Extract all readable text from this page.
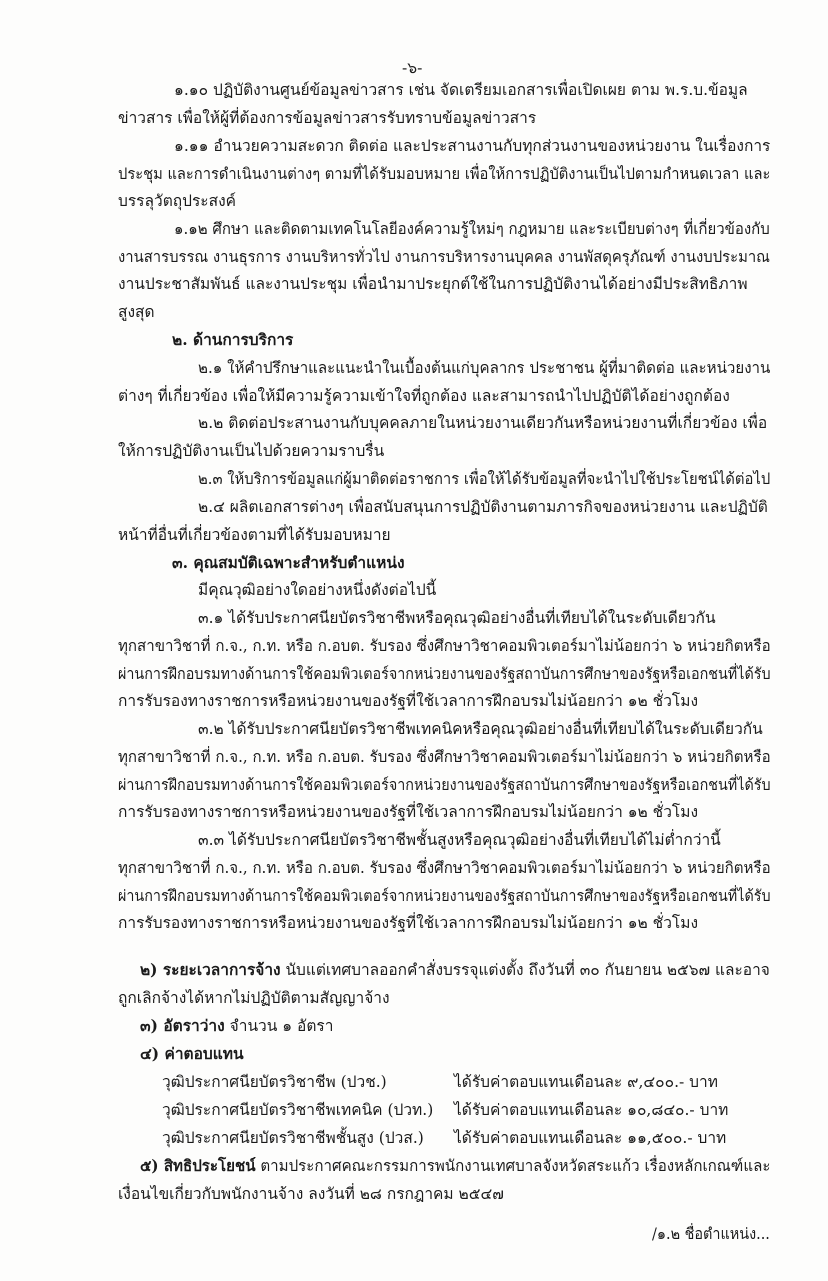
-๖-
๑.๑๐ ปฏิบัติงานศูนย์ข้อมูลข่าวสาร เช่น จัดเตรียมเอกสารเพื่อเปิดเผย ตาม พ.ร.บ.ข้อมูล
ข่าวสาร เพื่อให้ผู้ที่ต้องการข้อมูลข่าวสารรับทราบข้อมูลข่าวสาร
๑.๑๑ อำนวยความสะดวก ติดต่อ และประสานงานกับทุกส่วนงานของหน่วยงาน ในเรื่องการ
ประชุม และการดำเนินงานต่างๆ ตามที่ได้รับมอบหมาย เพื่อให้การปฏิบัติงานเป็นไปตามกำหนดเวลา และ
บรรลุวัตถุประสงค์
๑.๑๒ ศึกษา และติดตามเทคโนโลยีองค์ความรู้ใหม่ๆ กฎหมาย และระเบียบต่างๆ ที่เกี่ยวข้องกับ
งานสารบรรณ งานธุรการ งานบริหารทั่วไป งานการบริหารงานบุคคล งานพัสดุครุภัณฑ์ งานงบประมาณ
งานประชาสัมพันธ์ และงานประชุม เพื่อนำมาประยุกต์ใช้ในการปฏิบัติงานได้อย่างมีประสิทธิภาพ
สูงสุด
๒. ด้านการบริการ
๒.๑ ให้คำปรึกษาและแนะนำในเบื้องต้นแก่บุคลากร ประชาชน ผู้ที่มาติดต่อ และหน่วยงาน
ต่างๆ ที่เกี่ยวข้อง เพื่อให้มีความรู้ความเข้าใจที่ถูกต้อง และสามารถนำไปปฏิบัติได้อย่างถูกต้อง
๒.๒ ติดต่อประสานงานกับบุคคลภายในหน่วยงานเดียวกันหรือหน่วยงานที่เกี่ยวข้อง เพื่อ
ให้การปฏิบัติงานเป็นไปด้วยความราบรื่น
๒.๓ ให้บริการข้อมูลแก่ผู้มาติดต่อราชการ เพื่อให้ได้รับข้อมูลที่จะนำไปใช้ประโยชน์ได้ต่อไป
๒.๔ ผลิตเอกสารต่างๆ เพื่อสนับสนุนการปฏิบัติงานตามภารกิจของหน่วยงาน และปฏิบัติ
หน้าที่อื่นที่เกี่ยวข้องตามที่ได้รับมอบหมาย
๓. คุณสมบัติเฉพาะสำหรับตำแหน่ง
มีคุณวุฒิอย่างใดอย่างหนึ่งดังต่อไปนี้
๓.๑ ได้รับประกาศนียบัตรวิชาชีพหรือคุณวุฒิอย่างอื่นที่เทียบได้ในระดับเดียวกัน
ทุกสาขาวิชาที่ ก.จ., ก.ท. หรือ ก.อบต. รับรอง ซึ่งศึกษาวิชาคอมพิวเตอร์มาไม่น้อยกว่า ๖ หน่วยกิตหรือ
ผ่านการฝึกอบรมทางด้านการใช้คอมพิวเตอร์จากหน่วยงานของรัฐสถาบันการศึกษาของรัฐหรือเอกชนที่ได้รับ
การรับรองทางราชการหรือหน่วยงานของรัฐที่ใช้เวลาการฝึกอบรมไม่น้อยกว่า ๑๒ ชั่วโมง
๓.๒ ได้รับประกาศนียบัตรวิชาชีพเทคนิคหรือคุณวุฒิอย่างอื่นที่เทียบได้ในระดับเดียวกัน
ทุกสาขาวิชาที่ ก.จ., ก.ท. หรือ ก.อบต. รับรอง ซึ่งศึกษาวิชาคอมพิวเตอร์มาไม่น้อยกว่า ๖ หน่วยกิตหรือ
ผ่านการฝึกอบรมทางด้านการใช้คอมพิวเตอร์จากหน่วยงานของรัฐสถาบันการศึกษาของรัฐหรือเอกชนที่ได้รับ
การรับรองทางราชการหรือหน่วยงานของรัฐที่ใช้เวลาการฝึกอบรมไม่น้อยกว่า ๑๒ ชั่วโมง
๓.๓ ได้รับประกาศนียบัตรวิชาชีพชั้นสูงหรือคุณวุฒิอย่างอื่นที่เทียบได้ไม่ต่ำกว่านี้
ทุกสาขาวิชาที่ ก.จ., ก.ท. หรือ ก.อบต. รับรอง ซึ่งศึกษาวิชาคอมพิวเตอร์มาไม่น้อยกว่า ๖ หน่วยกิตหรือ
ผ่านการฝึกอบรมทางด้านการใช้คอมพิวเตอร์จากหน่วยงานของรัฐสถาบันการศึกษาของรัฐหรือเอกชนที่ได้รับ
การรับรองทางราชการหรือหน่วยงานของรัฐที่ใช้เวลาการฝึกอบรมไม่น้อยกว่า ๑๒ ชั่วโมง
๒) ระยะเวลาการจ้าง นับแต่เทศบาลออกคำสั่งบรรจุแต่งตั้ง ถึงวันที่ ๓๐ กันยายน ๒๕๖๗ และอาจ
ถูกเลิกจ้างได้หากไม่ปฏิบัติตามสัญญาจ้าง
๓) อัตราว่าง จำนวน ๑ อัตรา
๔) ค่าตอบแทน
วุฒิประกาศนียบัตรวิชาชีพ (ปวช.)	ได้รับค่าตอบแทนเดือนละ ๙,๔๐๐.- บาท
วุฒิประกาศนียบัตรวิชาชีพเทคนิค (ปวท.) ได้รับค่าตอบแทนเดือนละ ๑๐,๘๔๐.- บาท
วุฒิประกาศนียบัตรวิชาชีพชั้นสูง (ปวส.) ได้รับค่าตอบแทนเดือนละ ๑๑,๕๐๐.- บาท
๕) สิทธิประโยชน์ ตามประกาศคณะกรรมการพนักงานเทศบาลจังหวัดสระแก้ว เรื่องหลักเกณฑ์และ
เงื่อนไขเกี่ยวกับพนักงานจ้าง ลงวันที่ ๒๘ กรกฎาคม ๒๕๔๗
/๑.๒ ชื่อตำแหน่ง...
